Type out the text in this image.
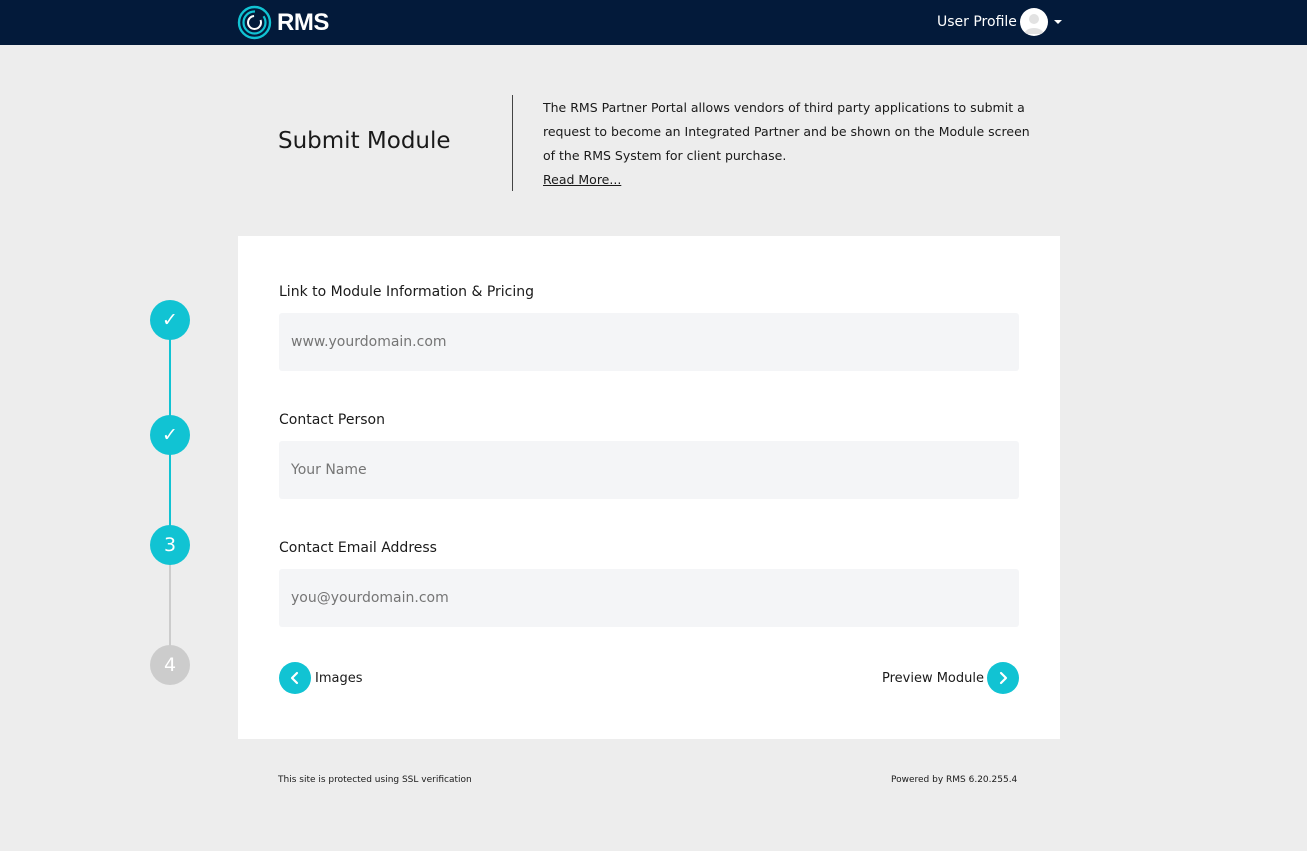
RMS	User Profile
Submit Module

The RMS Partner Portal allows vendors of third party applications to submit a request to become an Integrated Partner and be shown on the Module screen of the RMS System for client purchase.

Read More...
✓
✓
3
4
Link to Module Information & Pricing
www.yourdomain.com
Contact Person
Your Name
Contact Email Address
you@yourdomain.com
Images	Preview Module
This site is protected using SSL verification	Powered by RMS 6.20.255.4
